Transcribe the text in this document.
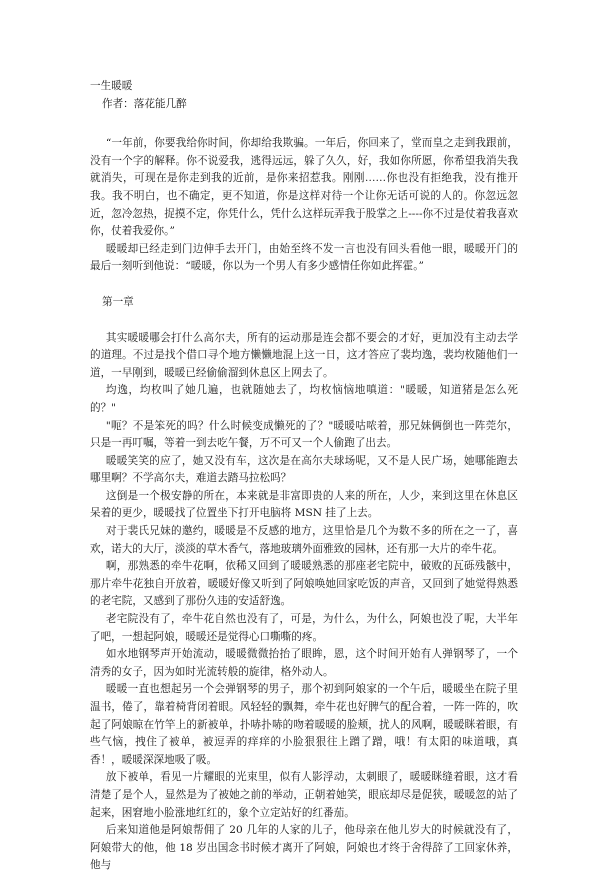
一生暖暖
作者：落花能几醉

“一年前，你要我给你时间，你却给我欺骗。一年后，你回来了，堂而皇之走到我跟前，没有一个字的解释。你不说爱我，逃得远远，躲了久久，好，我如你所愿，你希望我消失我就消失，可现在是你走到我的近前，是你来招惹我。刚刚……你也没有拒绝我，没有推开我。我不明白，也不确定，更不知道，你是这样对待一个让你无话可说的人的。你忽远忽近，忽冷忽热，捉摸不定，你凭什么，凭什么这样玩弄我于股掌之上----你不过是仗着我喜欢你，仗着我爱你。”

暖暖却已经走到门边伸手去开门，由始至终不发一言也没有回头看他一眼，暖暖开门的最后一刻听到他说：“暖暖，你以为一个男人有多少感情任你如此挥霍。”

第一章

其实暖暖哪会打什么高尔夫，所有的运动那是连会都不要会的才好，更加没有主动去学的道理。不过是找个借口寻个地方懒懒地混上这一日，这才答应了裴均逸，裴均枚随他们一道，一早刚到，暖暖已经偷偷溜到休息区上网去了。

均逸，均枚叫了她几遍，也就随她去了，均枚恼恼地嗔道："暖暖，知道猪是怎么死的？"

"呃？不是笨死的吗？什么时候变成懒死的了？"暖暖咕哝着，那兄妹俩倒也一阵莞尔，只是一再叮嘱，等着一到去吃午餐，万不可又一个人偷跑了出去。

暖暖笑笑的应了，她又没有车，这次是在高尔夫球场呢，又不是人民广场，她哪能跑去哪里啊？不学高尔夫，难道去踏马拉松吗？

这倒是一个极安静的所在，本来就是非富即贵的人来的所在，人少，来到这里在休息区呆着的更少，暖暖找了位置坐下打开电脑将 MSN 挂了上去。

对于裴氏兄妹的邀约，暖暖是不反感的地方，这里恰是几个为数不多的所在之一了，喜欢，诺大的大厅，淡淡的草木香气，落地玻璃外面雅致的园林，还有那一大片的牵牛花。

啊，那熟悉的牵牛花啊，依稀又回到了暖暖熟悉的那座老宅院中，破败的瓦砾残骸中，那片牵牛花独自开放着，暖暖好像又听到了阿娘唤她回家吃饭的声音，又回到了她觉得熟悉的老宅院，又感到了那份久违的安适舒逸。

老宅院没有了，牵牛花自然也没有了，可是，为什么，为什么，阿娘也没了呢，大半年了吧，一想起阿娘，暖暖还是觉得心口嘶嘶的疼。

如水地钢琴声开始流动，暖暖微微抬抬了眼眸，恩，这个时间开始有人弹钢琴了，一个清秀的女子，因为如时光流转般的旋律，格外动人。

暖暖一直也想起另一个会弹钢琴的男子，那个初到阿娘家的一个午后，暖暖坐在院子里温书，倦了，靠着椅背闭着眼。风轻轻的飘舞，牵牛花也好脾气的配合着，一阵一阵的，吹起了阿娘晾在竹竿上的新被单，扑哧扑哧的吻着暖暖的脸颊，扰人的风啊，暖暖眯着眼，有些气恼，拽住了被单，被逗弄的痒痒的小脸狠狠往上蹭了蹭，哦！有太阳的味道哦，真香！，暖暖深深地吸了吸。

放下被单，看见一片耀眼的光束里，似有人影浮动，太刺眼了，暖暖眯缝着眼，这才看清楚了是个人，显然是为了被她之前的举动，正朝着她笑，眼底却尽是促狭，暖暖忽的站了起来，困窘地小脸涨地红红的，象个立定站好的红番茄。

后来知道他是阿娘帮佣了 20 几年的人家的儿子，他母亲在他儿岁大的时候就没有了，阿娘带大的他，他 18 岁出国念书时候才离开了阿娘，阿娘也才终于舍得辞了工回家休养，他与
